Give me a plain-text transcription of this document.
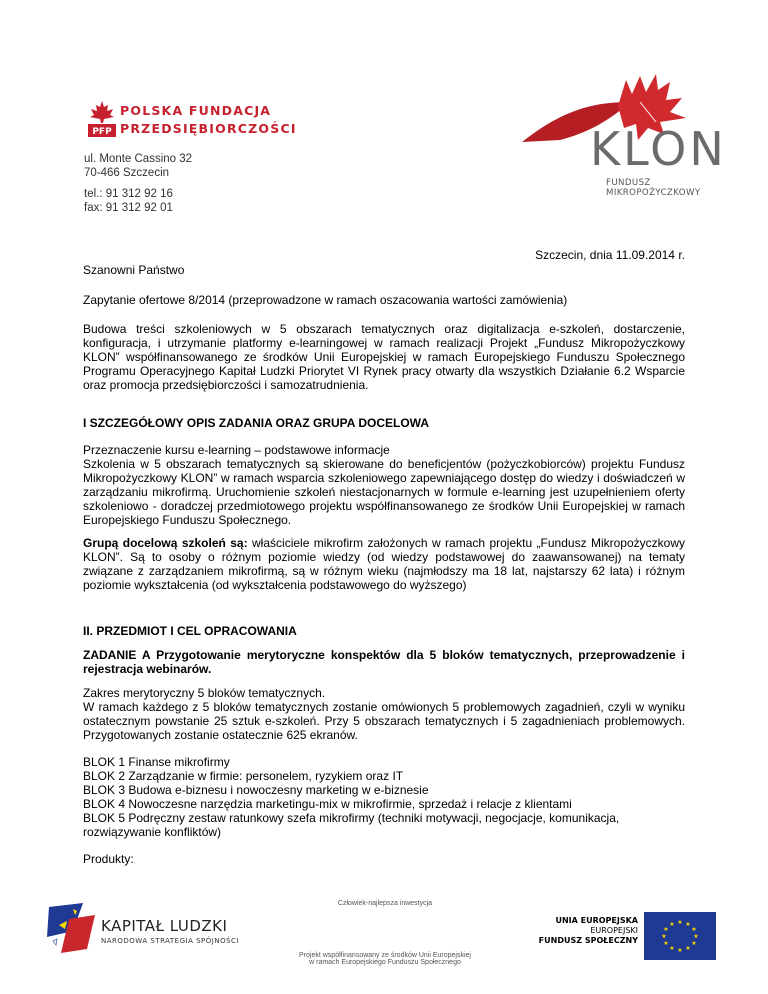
PFP
POLSKA FUNDACJA
PRZEDSIĘBIORCZOŚCI
ul. Monte Cassino 32
70-466 Szczecin
tel.: 91 312 92 16
fax: 91 312 92 01
KLON
FUNDUSZ MIKROPOŻYCZKOWY
Szczecin, dnia 11.09.2014 r.

Szanowni Państwo

Zapytanie ofertowe 8/2014 (przeprowadzone w ramach oszacowania wartości zamówienia)

Budowa treści szkoleniowych w 5 obszarach tematycznych oraz digitalizacja e-szkoleń, dostarczenie, konfiguracja, i utrzymanie platformy e-learningowej w ramach realizacji Projekt „Fundusz Mikropożyczkowy KLON” współfinansowanego ze środków Unii Europejskiej w ramach Europejskiego Funduszu Społecznego Programu Operacyjnego Kapitał Ludzki Priorytet VI Rynek pracy otwarty dla wszystkich Działanie 6.2 Wsparcie oraz promocja przedsiębiorczości i samozatrudnienia.

I SZCZEGÓŁOWY OPIS ZADANIA ORAZ GRUPA DOCELOWA

Przeznaczenie kursu e-learning – podstawowe informacje

Szkolenia w 5 obszarach tematycznych są skierowane do beneficjentów (pożyczkobiorców) projektu Fundusz Mikropożyczkowy KLON” w ramach wsparcia szkoleniowego zapewniającego dostęp do wiedzy i doświadczeń w zarządzaniu mikrofirmą. Uruchomienie szkoleń niestacjonarnych w formule e-learning jest uzupełnieniem oferty szkoleniowo - doradczej przedmiotowego projektu współfinansowanego ze środków Unii Europejskiej w ramach Europejskiego Funduszu Społecznego.

Grupą docelową szkoleń są: właściciele mikrofirm założonych w ramach projektu „Fundusz Mikropożyczkowy KLON”. Są to osoby o różnym poziomie wiedzy (od wiedzy podstawowej do zaawansowanej) na tematy związane z zarządzaniem mikrofirmą, są w różnym wieku (najmłodszy ma 18 lat, najstarszy 62 lata) i różnym poziomie wykształcenia (od wykształcenia podstawowego do wyższego)

II. PRZEDMIOT I CEL OPRACOWANIA

ZADANIE A Przygotowanie merytoryczne konspektów dla 5 bloków tematycznych, przeprowadzenie i rejestracja webinarów.

Zakres merytoryczny 5 bloków tematycznych.

W ramach każdego z 5 bloków tematycznych zostanie omówionych 5 problemowych zagadnień, czyli w wyniku ostatecznym powstanie 25 sztuk e-szkoleń. Przy 5 obszarach tematycznych i 5 zagadnieniach problemowych. Przygotowanych zostanie ostatecznie 625 ekranów.

BLOK 1 Finanse mikrofirmy
BLOK 2 Zarządzanie w firmie: personelem, ryzykiem oraz IT
BLOK 3 Budowa e-biznesu i nowoczesny marketing w e-biznesie
BLOK 4 Nowoczesne narzędzia marketingu-mix w mikrofirmie, sprzedaż i relacje z klientami
BLOK 5 Podręczny zestaw ratunkowy szefa mikrofirmy (techniki motywacji, negocjacje, komunikacja, rozwiązywanie konfliktów)

Produkty:

KAPITAŁ LUDZKI
NARODOWA STRATEGIA SPÓJNOŚCI
Człowiek-najlepsza inwestycja
Projekt współfinansowany ze środków Unii Europejskiej
w ramach Europejskiego Funduszu Społecznego
UNIA EUROPEJSKA
EUROPEJSKI
FUNDUSZ SPOŁECZNY
★ ★
★
★
★
★
★
★
★
★
★
★
